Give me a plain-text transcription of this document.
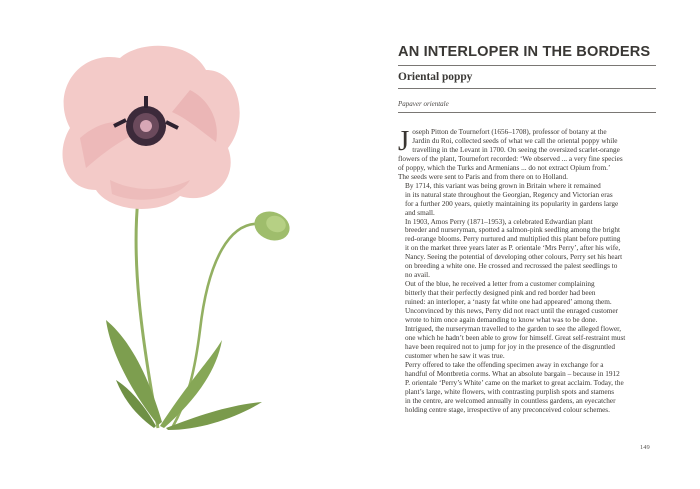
AN INTERLOPER IN THE BORDERS
Oriental poppy

Papaver orientale

J oseph Pitton de Tournefort (1656–1708), professor of botany at the
Jardin du Roi, collected seeds of what we call the oriental poppy while
travelling in the Levant in 1700. On seeing the oversized scarlet-orange
flowers of the plant, Tournefort recorded: ‘We observed ... a very fine species
of poppy, which the Turks and Armenians ... do not extract Opium from.’
The seeds were sent to Paris and from there on to Holland.

By 1714, this variant was being grown in Britain where it remained
in its natural state throughout the Georgian, Regency and Victorian eras
for a further 200 years, quietly maintaining its popularity in gardens large
and small.

In 1903, Amos Perry (1871–1953), a celebrated Edwardian plant
breeder and nurseryman, spotted a salmon-pink seedling among the bright
red-orange blooms. Perry nurtured and multiplied this plant before putting
it on the market three years later as P. orientale ‘Mrs Perry’, after his wife,
Nancy. Seeing the potential of developing other colours, Perry set his heart
on breeding a white one. He crossed and recrossed the palest seedlings to
no avail.

Out of the blue, he received a letter from a customer complaining
bitterly that their perfectly designed pink and red border had been
ruined: an interloper, a ‘nasty fat white one had appeared’ among them.
Unconvinced by this news, Perry did not react until the enraged customer
wrote to him once again demanding to know what was to be done.
Intrigued, the nurseryman travelled to the garden to see the alleged flower,
one which he hadn’t been able to grow for himself. Great self-restraint must
have been required not to jump for joy in the presence of the disgruntled
customer when he saw it was true.

Perry offered to take the offending specimen away in exchange for a
handful of Montbretia corms. What an absolute bargain – because in 1912
P. orientale ‘Perry’s White’ came on the market to great acclaim. Today, the
plant’s large, white flowers, with contrasting purplish spots and stamens
in the centre, are welcomed annually in countless gardens, an eyecatcher
holding centre stage, irrespective of any preconceived colour schemes.

149
